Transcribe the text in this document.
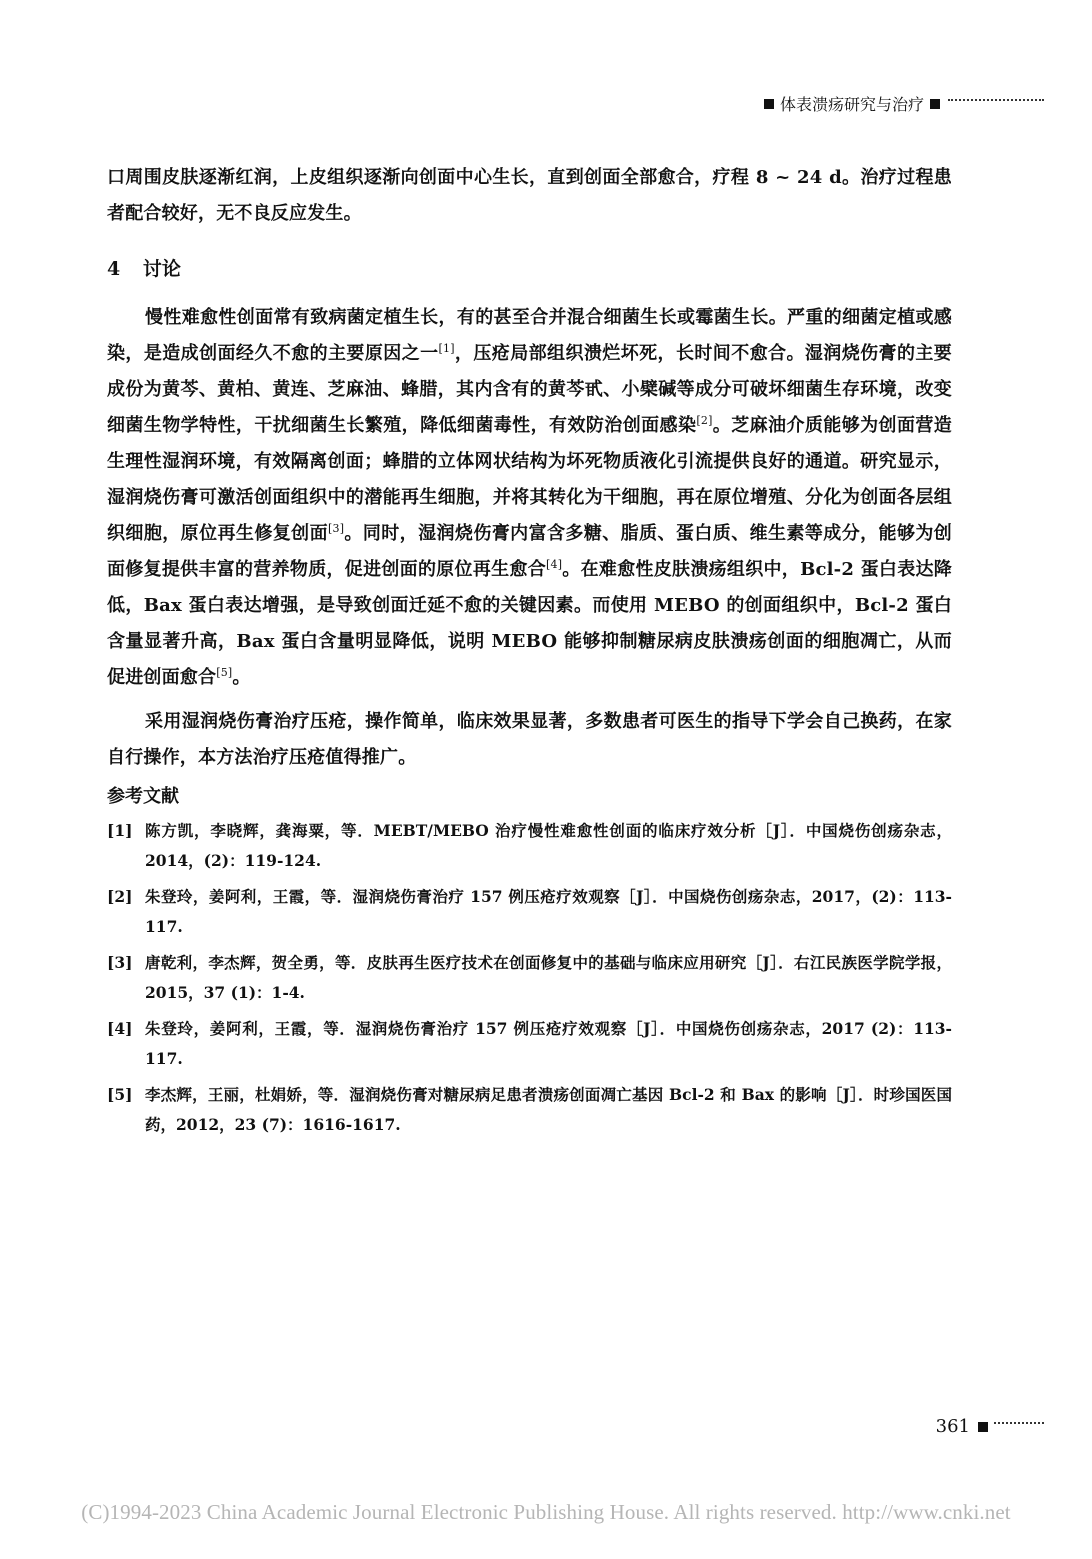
体表溃疡研究与治疗

口周围皮肤逐渐红润，上皮组织逐渐向创面中心生长，直到创面全部愈合，疗程 8 ~ 24 d。治疗过程患者配合较好，无不良反应发生。

4 讨论

慢性难愈性创面常有致病菌定植生长，有的甚至合并混合细菌生长或霉菌生长。严重的细菌定植或感染，是造成创面经久不愈的主要原因之一[1]，压疮局部组织溃烂坏死，长时间不愈合。湿润烧伤膏的主要成份为黄芩、黄柏、黄连、芝麻油、蜂腊，其内含有的黄芩甙、小檗碱等成分可破坏细菌生存环境，改变细菌生物学特性，干扰细菌生长繁殖，降低细菌毒性，有效防治创面感染[2]。芝麻油介质能够为创面营造生理性湿润环境，有效隔离创面；蜂腊的立体网状结构为坏死物质液化引流提供良好的通道。研究显示，湿润烧伤膏可激活创面组织中的潜能再生细胞，并将其转化为干细胞，再在原位增殖、分化为创面各层组织细胞，原位再生修复创面[3]。同时，湿润烧伤膏内富含多糖、脂质、蛋白质、维生素等成分，能够为创面修复提供丰富的营养物质，促进创面的原位再生愈合[4]。在难愈性皮肤溃疡组织中，Bcl-2 蛋白表达降低，Bax 蛋白表达增强，是导致创面迁延不愈的关键因素。而使用 MEBO 的创面组织中，Bcl-2 蛋白含量显著升高，Bax 蛋白含量明显降低，说明 MEBO 能够抑制糖尿病皮肤溃疡创面的细胞凋亡，从而促进创面愈合[5]。

采用湿润烧伤膏治疗压疮，操作简单，临床效果显著，多数患者可医生的指导下学会自己换药，在家自行操作，本方法治疗压疮值得推广。

参考文献
[1] 陈方凯，李晓辉，龚海粟，等．MEBT/MEBO 治疗慢性难愈性创面的临床疗效分析［J］．中国烧伤创疡杂志，2014，(2)：119-124.
[2] 朱登玲，姜阿利，王霞，等．湿润烧伤膏治疗 157 例压疮疗效观察［J］．中国烧伤创疡杂志，2017，(2)：113-117.
[3] 唐乾利，李杰辉，贺全勇，等．皮肤再生医疗技术在创面修复中的基础与临床应用研究［J］．右江民族医学院学报，2015，37 (1)：1-4.
[4] 朱登玲，姜阿利，王霞，等．湿润烧伤膏治疗 157 例压疮疗效观察［J］．中国烧伤创疡杂志，2017 (2)：113-117.
[5] 李杰辉，王丽，杜娟娇，等．湿润烧伤膏对糖尿病足患者溃疡创面凋亡基因 Bcl-2 和 Bax 的影响［J］．时珍国医国药，2012，23 (7)：1616-1617.
361
(C)1994-2023 China Academic Journal Electronic Publishing House. All rights reserved. http://www.cnki.net
